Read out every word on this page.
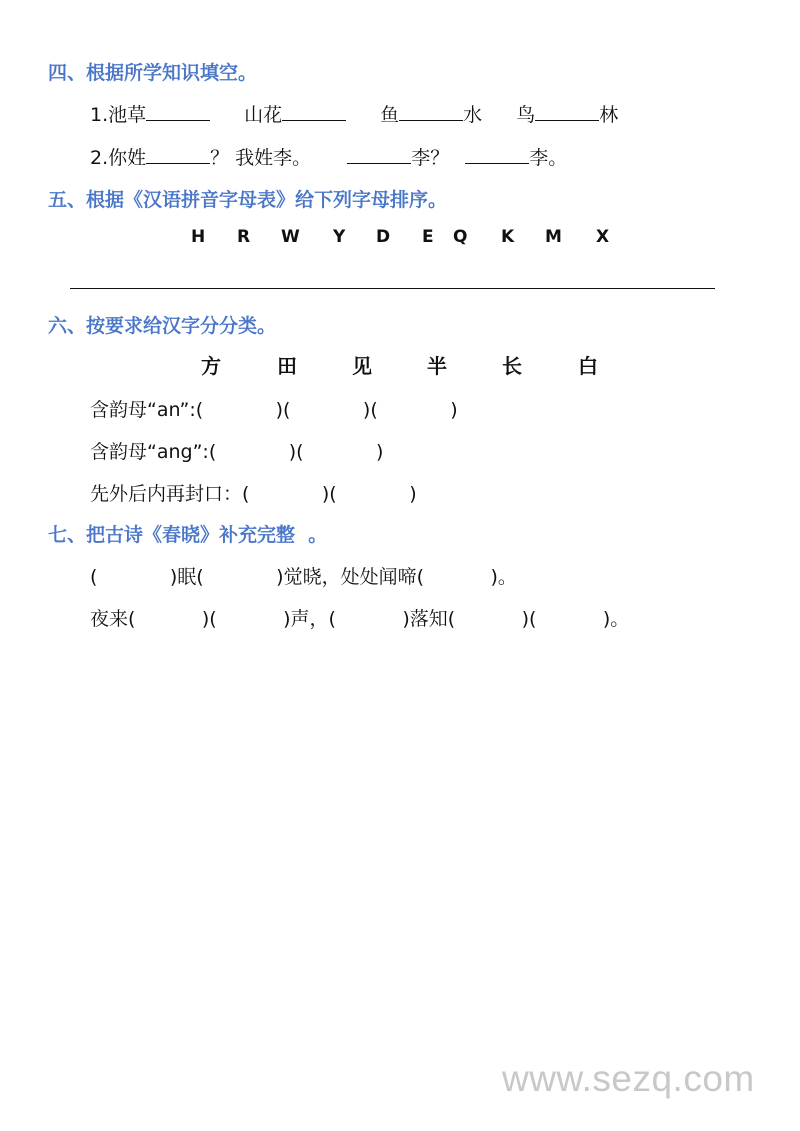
四、根据所学知识填空。
1.池草	山花	鱼	水 鸟	林
2.你姓	？ 我姓李。	李？	李。
五、根据《汉语拼音字母表》给下列字母排序。
H R W Y D E Q K M X
六、按要求给汉字分分类。
方	田	见	半	长	白
含韵母“an”:(            )(            )(            )
含韵母“ang”:(            )(            )
先外后内再封口：(            )(            )
七、把古诗《春晓》补充完整  。
(            )眠(            )觉晓，处处闻啼(           )。
夜来(           )(           )声，(           )落知(           )(           )。
www.sezq.com
